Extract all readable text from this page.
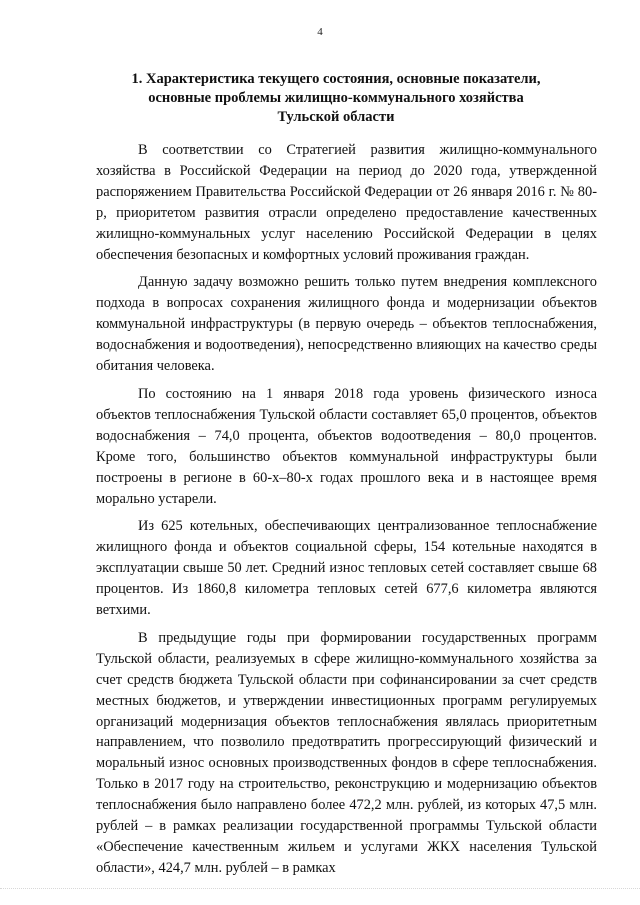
4
1. Характеристика текущего состояния, основные показатели,
основные проблемы жилищно-коммунального хозяйства
Тульской области

В соответствии со Стратегией развития жилищно-коммунального хозяйства в Российской Федерации на период до 2020 года, утвержденной распоряжением Правительства Российской Федерации от 26 января 2016 г. № 80-р, приоритетом развития отрасли определено предоставление качественных жилищно-коммунальных услуг населению Российской Федерации в целях обеспечения безопасных и комфортных условий проживания граждан.

Данную задачу возможно решить только путем внедрения комплексного подхода в вопросах сохранения жилищного фонда и модернизации объектов коммунальной инфраструктуры (в первую очередь – объектов теплоснабжения, водоснабжения и водоотведения), непосредственно влияющих на качество среды обитания человека.

По состоянию на 1 января 2018 года уровень физического износа объектов теплоснабжения Тульской области составляет 65,0 процентов, объектов водоснабжения – 74,0 процента, объектов водоотведения – 80,0 процентов. Кроме того, большинство объектов коммунальной инфраструктуры были построены в регионе в 60-х–80-х годах прошлого века и в настоящее время морально устарели.

Из 625 котельных, обеспечивающих централизованное теплоснабжение жилищного фонда и объектов социальной сферы, 154 котельные находятся в эксплуатации свыше 50 лет. Средний износ тепловых сетей составляет свыше 68 процентов. Из 1860,8 километра тепловых сетей 677,6 километра являются ветхими.

В предыдущие годы при формировании государственных программ Тульской области, реализуемых в сфере жилищно-коммунального хозяйства за счет средств бюджета Тульской области при софинансировании за счет средств местных бюджетов, и утверждении инвестиционных программ регулируемых организаций модернизация объектов теплоснабжения являлась приоритетным направлением, что позволило предотвратить прогрессирующий физический и моральный износ основных производственных фондов в сфере теплоснабжения. Только в 2017 году на строительство, реконструкцию и модернизацию объектов теплоснабжения было направлено более 472,2 млн. рублей, из которых 47,5 млн. рублей – в рамках реализации государственной программы Тульской области «Обеспечение качественным жильем и услугами ЖКХ населения Тульской области», 424,7 млн. рублей – в рамках
